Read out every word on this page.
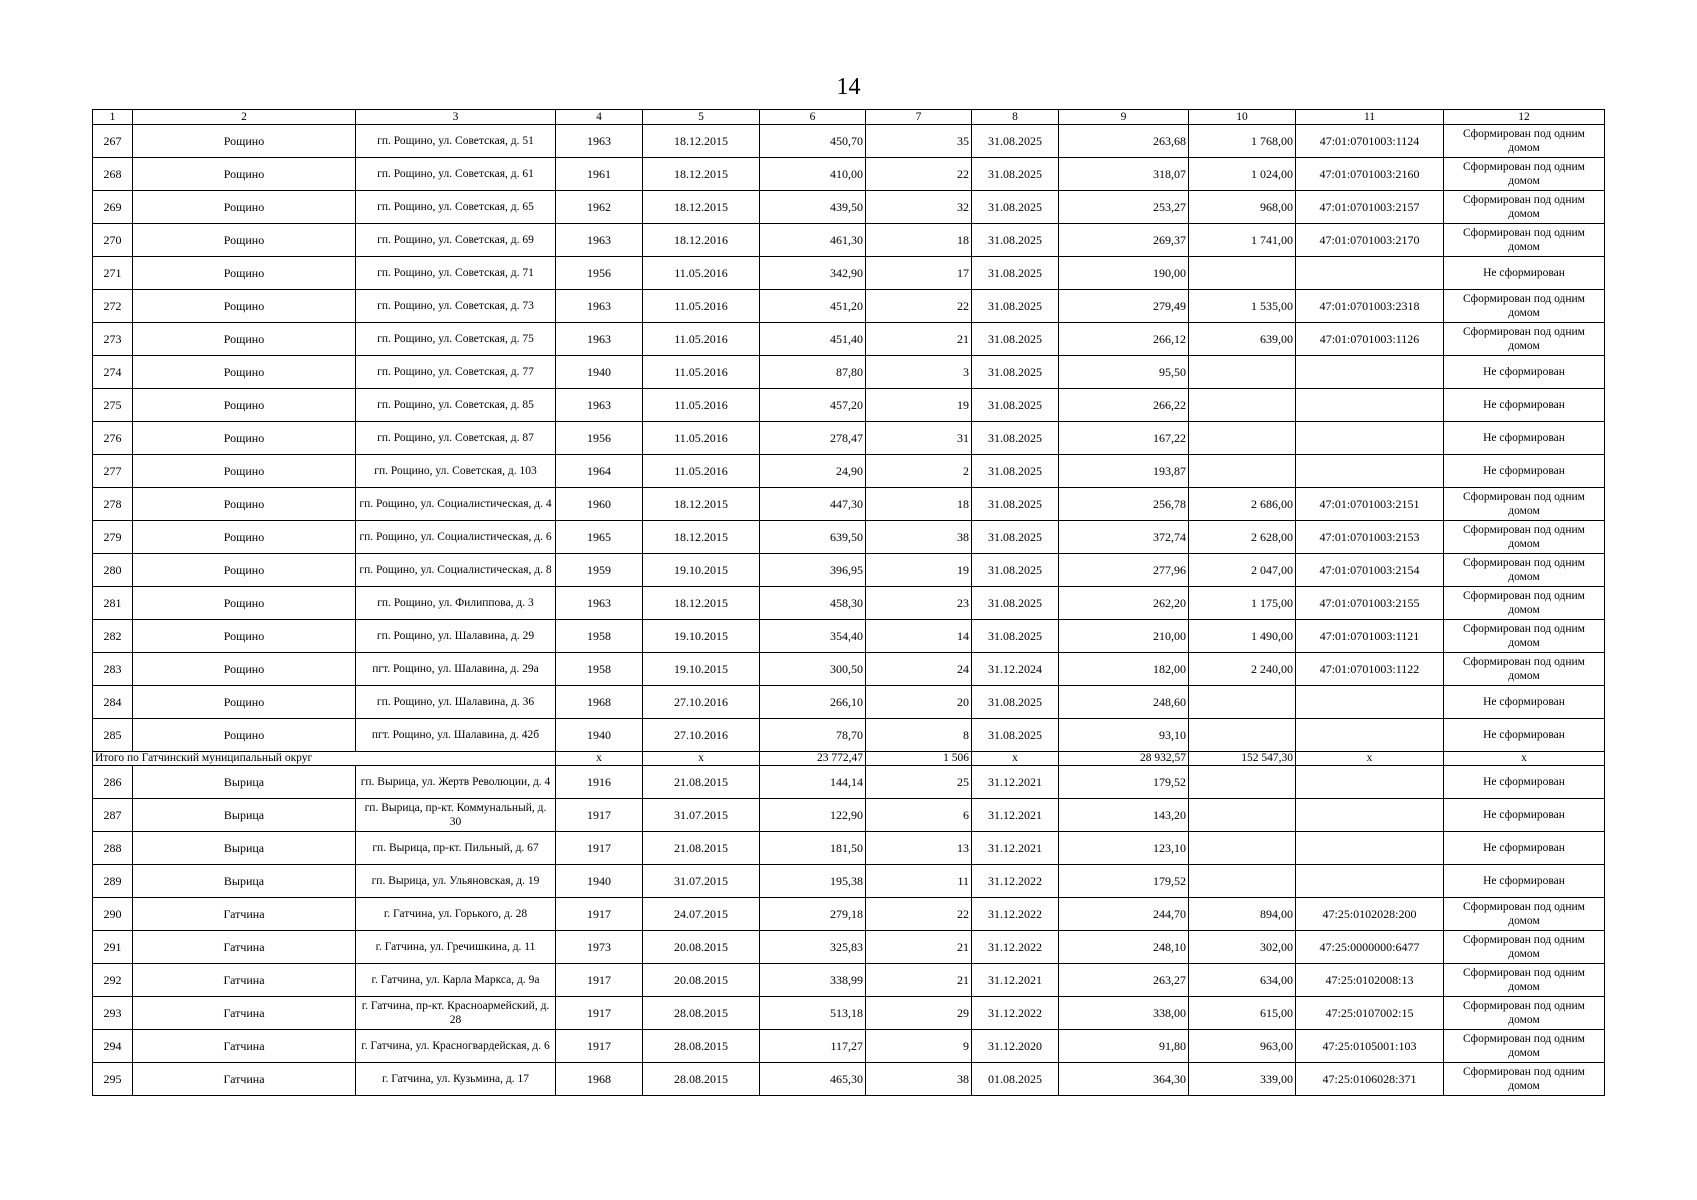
14
1	2	3	4	5	6	7	8	9	10	11	12
267	Рощино	гп. Рощино, ул. Советская, д. 51	1963	18.12.2015	450,70	35	31.08.2025	263,68	1 768,00	47:01:0701003:1124	Сформирован под одним домом
268	Рощино	гп. Рощино, ул. Советская, д. 61	1961	18.12.2015	410,00	22	31.08.2025	318,07	1 024,00	47:01:0701003:2160	Сформирован под одним домом
269	Рощино	гп. Рощино, ул. Советская, д. 65	1962	18.12.2015	439,50	32	31.08.2025	253,27	968,00	47:01:0701003:2157	Сформирован под одним домом
270	Рощино	гп. Рощино, ул. Советская, д. 69	1963	18.12.2016	461,30	18	31.08.2025	269,37	1 741,00	47:01:0701003:2170	Сформирован под одним домом
271	Рощино	гп. Рощино, ул. Советская, д. 71	1956	11.05.2016	342,90	17	31.08.2025	190,00			Не сформирован
272	Рощино	гп. Рощино, ул. Советская, д. 73	1963	11.05.2016	451,20	22	31.08.2025	279,49	1 535,00	47:01:0701003:2318	Сформирован под одним домом
273	Рощино	гп. Рощино, ул. Советская, д. 75	1963	11.05.2016	451,40	21	31.08.2025	266,12	639,00	47:01:0701003:1126	Сформирован под одним домом
274	Рощино	гп. Рощино, ул. Советская, д. 77	1940	11.05.2016	87,80	3	31.08.2025	95,50			Не сформирован
275	Рощино	гп. Рощино, ул. Советская, д. 85	1963	11.05.2016	457,20	19	31.08.2025	266,22			Не сформирован
276	Рощино	гп. Рощино, ул. Советская, д. 87	1956	11.05.2016	278,47	31	31.08.2025	167,22			Не сформирован
277	Рощино	гп. Рощино, ул. Советская, д. 103	1964	11.05.2016	24,90	2	31.08.2025	193,87			Не сформирован
278	Рощино	гп. Рощино, ул. Социалистическая, д. 4	1960	18.12.2015	447,30	18	31.08.2025	256,78	2 686,00	47:01:0701003:2151	Сформирован под одним домом
279	Рощино	гп. Рощино, ул. Социалистическая, д. 6	1965	18.12.2015	639,50	38	31.08.2025	372,74	2 628,00	47:01:0701003:2153	Сформирован под одним домом
280	Рощино	гп. Рощино, ул. Социалистическая, д. 8	1959	19.10.2015	396,95	19	31.08.2025	277,96	2 047,00	47:01:0701003:2154	Сформирован под одним домом
281	Рощино	гп. Рощино, ул. Филиппова, д. 3	1963	18.12.2015	458,30	23	31.08.2025	262,20	1 175,00	47:01:0701003:2155	Сформирован под одним домом
282	Рощино	гп. Рощино, ул. Шалавина, д. 29	1958	19.10.2015	354,40	14	31.08.2025	210,00	1 490,00	47:01:0701003:1121	Сформирован под одним домом
283	Рощино	пгт. Рощино, ул. Шалавина, д. 29а	1958	19.10.2015	300,50	24	31.12.2024	182,00	2 240,00	47:01:0701003:1122	Сформирован под одним домом
284	Рощино	гп. Рощино, ул. Шалавина, д. 36	1968	27.10.2016	266,10	20	31.08.2025	248,60			Не сформирован
285	Рощино	пгт. Рощино, ул. Шалавина, д. 42б	1940	27.10.2016	78,70	8	31.08.2025	93,10			Не сформирован
Итого по Гатчинский муниципальный округ			x	x	23 772,47	1 506	x	28 932,57	152 547,30	x	x
286	Вырица	гп. Вырица, ул. Жертв Революции, д. 4	1916	21.08.2015	144,14	25	31.12.2021	179,52			Не сформирован
287	Вырица	гп. Вырица, пр-кт. Коммунальный, д. 30	1917	31.07.2015	122,90	6	31.12.2021	143,20			Не сформирован
288	Вырица	гп. Вырица, пр-кт. Пильный, д. 67	1917	21.08.2015	181,50	13	31.12.2021	123,10			Не сформирован
289	Вырица	гп. Вырица, ул. Ульяновская, д. 19	1940	31.07.2015	195,38	11	31.12.2022	179,52			Не сформирован
290	Гатчина	г. Гатчина, ул. Горького, д. 28	1917	24.07.2015	279,18	22	31.12.2022	244,70	894,00	47:25:0102028:200	Сформирован под одним домом
291	Гатчина	г. Гатчина, ул. Гречишкина, д. 11	1973	20.08.2015	325,83	21	31.12.2022	248,10	302,00	47:25:0000000:6477	Сформирован под одним домом
292	Гатчина	г. Гатчина, ул. Карла Маркса, д. 9а	1917	20.08.2015	338,99	21	31.12.2021	263,27	634,00	47:25:0102008:13	Сформирован под одним домом
293	Гатчина	г. Гатчина, пр-кт. Красноармейский, д. 28	1917	28.08.2015	513,18	29	31.12.2022	338,00	615,00	47:25:0107002:15	Сформирован под одним домом
294	Гатчина	г. Гатчина, ул. Красногвардейская, д. 6	1917	28.08.2015	117,27	9	31.12.2020	91,80	963,00	47:25:0105001:103	Сформирован под одним домом
295	Гатчина	г. Гатчина, ул. Кузьмина, д. 17	1968	28.08.2015	465,30	38	01.08.2025	364,30	339,00	47:25:0106028:371	Сформирован под одним домом
